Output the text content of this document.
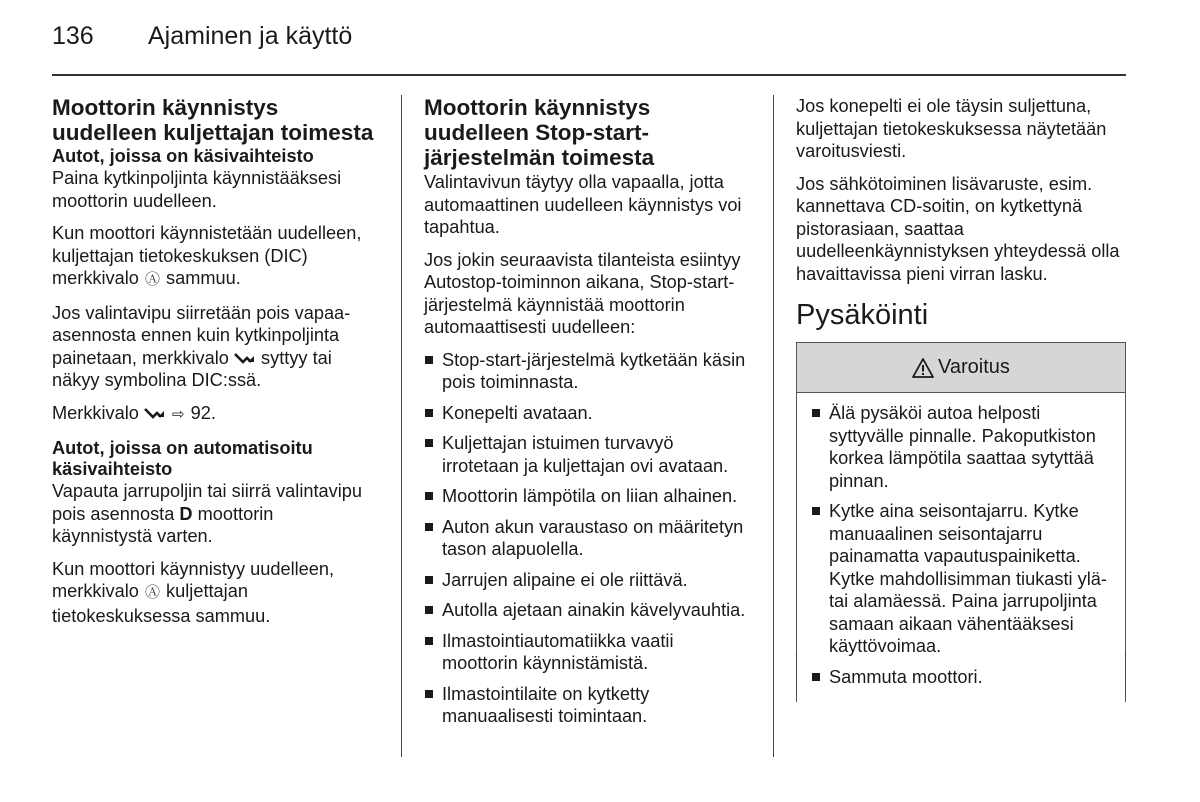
136 Ajaminen ja käyttö
Moottorin käynnistys uudelleen kuljettajan toimesta
Autot, joissa on käsivaihteisto

Paina kytkinpoljinta käynnistääksesi moottorin uudelleen.

Kun moottori käynnistetään uudelleen, kuljettajan tietokeskuksen (DIC) merkkivalo Ⓐ sammuu.

Jos valintavipu siirretään pois vapaa-asennosta ennen kuin kytkinpoljinta painetaan, merkkivalo  syttyy tai näkyy symbolina DIC:ssä.

Merkkivalo  ⇨ 92.

Autot, joissa on automatisoitu käsivaihteisto

Vapauta jarrupoljin tai siirrä valintavipu pois asennosta D moottorin käynnistystä varten.

Kun moottori käynnistyy uudelleen, merkkivalo Ⓐ kuljettajan tietokeskuksessa sammuu.

Moottorin käynnistys uudelleen Stop-start-järjestelmän toimesta

Valintavivun täytyy olla vapaalla, jotta automaattinen uudelleen käynnistys voi tapahtua.

Jos jokin seuraavista tilanteista esiintyy Autostop-toiminnon aikana, Stop-start-järjestelmä käynnistää moottorin automaattisesti uudelleen:

Stop-start-järjestelmä kytketään käsin pois toiminnasta.
Konepelti avataan.
Kuljettajan istuimen turvavyö irrotetaan ja kuljettajan ovi avataan.
Moottorin lämpötila on liian alhainen.
Auton akun varaustaso on määritetyn tason alapuolella.
Jarrujen alipaine ei ole riittävä.
Autolla ajetaan ainakin kävelyvauhtia.
Ilmastointiautomatiikka vaatii moottorin käynnistämistä.
Ilmastointilaite on kytketty manuaalisesti toimintaan.

Jos konepelti ei ole täysin suljettuna, kuljettajan tietokeskuksessa näytetään varoitusviesti.

Jos sähkötoiminen lisävaruste, esim. kannettava CD-soitin, on kytkettynä pistorasiaan, saattaa uudelleenkäynnistyksen yhteydessä olla havaittavissa pieni virran lasku.

Pysäköinti
Varoitus
Älä pysäköi autoa helposti syttyvälle pinnalle. Pakoputkiston korkea lämpötila saattaa sytyttää pinnan.
Kytke aina seisontajarru. Kytke manuaalinen seisontajarru painamatta vapautuspainiketta. Kytke mahdollisimman tiukasti ylä- tai alamäessä. Paina jarrupoljinta samaan aikaan vähentääksesi käyttövoimaa.
Sammuta moottori.
